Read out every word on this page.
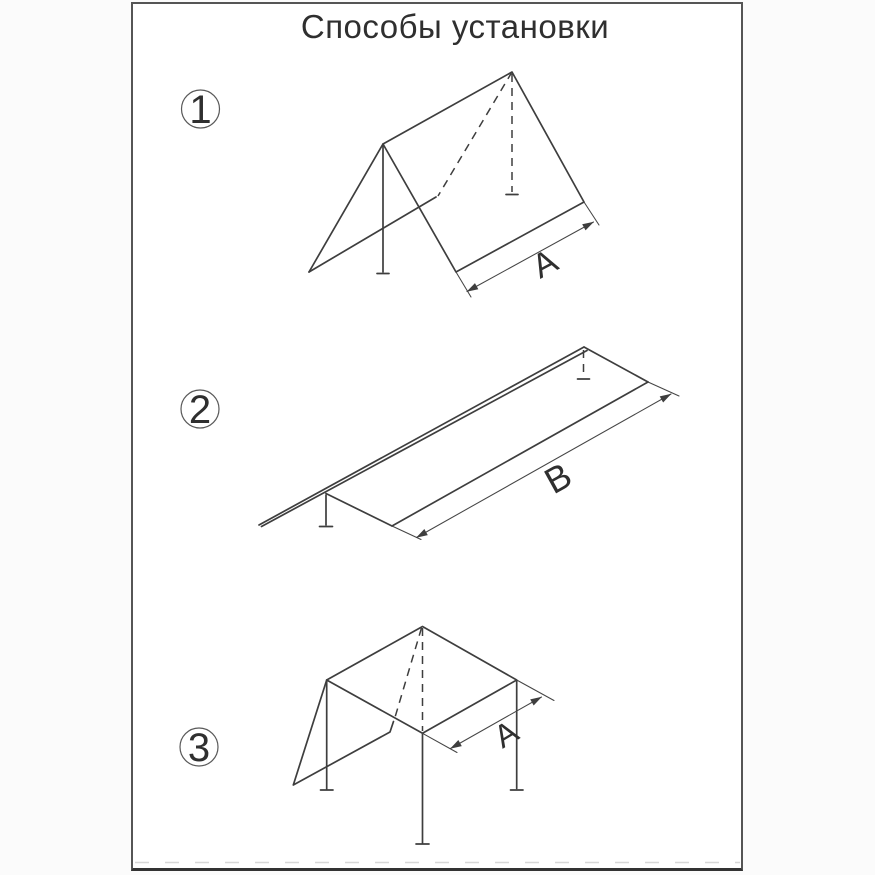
Способы установки
1
A
2
B
3	A
